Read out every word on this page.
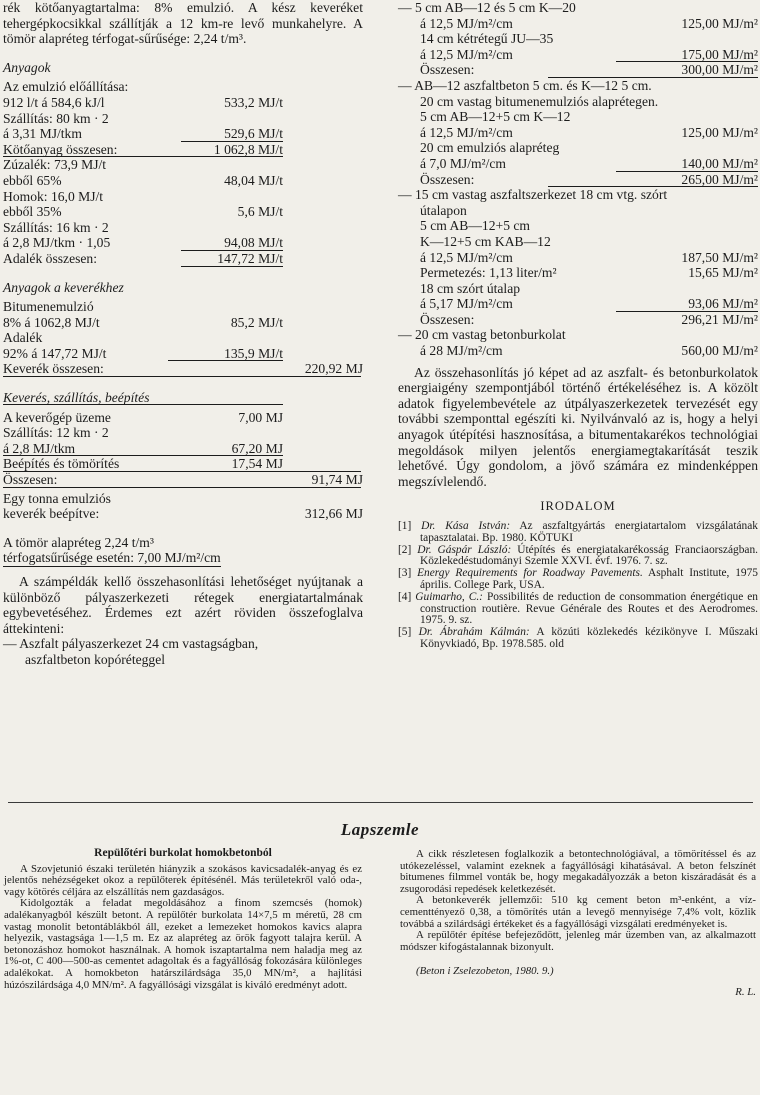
rék kötőanyagtartalma: 8% emulzió. A kész keveréket tehergépkocsikkal szállítják a 12 km-re levő munkahelyre. A tömör alapréteg térfogat-sűrűsége: 2,24 t/m³.

Anyagok

Az emulzió előállítása:
912 l/t á 584,6 kJ/l	533,2 MJ/t
Szállítás: 80 km · 2
á 3,31 MJ/tkm	529,6 MJ/t
Kötőanyag összesen:	1 062,8 MJ/t
Zúzalék: 73,9 MJ/t
ebből 65%	48,04 MJ/t
Homok: 16,0 MJ/t
ebből 35%	5,6 MJ/t
Szállítás: 16 km · 2
á 2,8 MJ/tkm · 1,05	94,08 MJ/t
Adalék összesen:	147,72 MJ/t

Anyagok a keverékhez

Bitumenemulzió
8% á 1062,8 MJ/t	85,2 MJ/t
Adalék
92% á 147,72 MJ/t	135,9 MJ/t
Keverék összesen:	220,92 MJ

Keverés, szállítás, beépítés

A keverőgép üzeme	7,00 MJ
Szállítás: 12 km · 2
á 2,8 MJ/tkm	67,20 MJ
Beépítés és tömörítés	17,54 MJ
Összesen:	91,74 MJ
Egy tonna emulziós
keverék beépítve:	312,66 MJ
A tömör alapréteg 2,24 t/m³
térfogatsűrűsége esetén: 7,00 MJ/m²/cm

A számpéldák kellő összehasonlítási lehetőséget nyújtanak a különböző pályaszerkezeti rétegek energiatartalmának egybevetéséhez. Érdemes ezt azért röviden összefoglalva áttekinteni:

— Aszfalt pályaszerkezet 24 cm vastagságban,

aszfaltbeton kopóréteggel

— 5 cm AB—12 és 5 cm K—20
á 12,5 MJ/m²/cm	125,00 MJ/m²
14 cm kétrétegű JU—35
á 12,5 MJ/m²/cm	175,00 MJ/m²
Összesen:	300,00 MJ/m²
— AB—12 aszfaltbeton 5 cm. és K—12 5 cm.
20 cm vastag bitumenemulziós alaprétegen.
5 cm AB—12+5 cm K—12
á 12,5 MJ/m²/cm	125,00 MJ/m²
20 cm emulziós alapréteg
á 7,0 MJ/m²/cm	140,00 MJ/m²
Összesen:	265,00 MJ/m²
— 15 cm vastag aszfaltszerkezet 18 cm vtg. szórt
útalapon
5 cm AB—12+5 cm
K—12+5 cm KAB—12
á 12,5 MJ/m²/cm	187,50 MJ/m²
Permetezés: 1,13 liter/m²	15,65 MJ/m²
18 cm szórt útalap
á 5,17 MJ/m²/cm	93,06 MJ/m²
Összesen:	296,21 MJ/m²
— 20 cm vastag betonburkolat
á 28 MJ/m²/cm	560,00 MJ/m²

Az összehasonlítás jó képet ad az aszfalt- és betonburkolatok energiaigény szempontjából történő értékeléséhez is. A közölt adatok figyelembevétele az útpályaszerkezetek tervezését egy további szemponttal egészíti ki. Nyilvánvaló az is, hogy a helyi anyagok útépítési hasznosítása, a bitumentakarékos technológiai megoldások milyen jelentős energiamegtakarítását teszik lehetővé. Úgy gondolom, a jövő számára ez mindenképpen megszívlelendő.

IRODALOM

[1] Dr. Kása István: Az aszfaltgyártás energiatartalom vizsgálatának tapasztalatai. Bp. 1980. KÖTUKI

[2] Dr. Gáspár László: Útépítés és energiatakarékosság Franciaországban. Közlekedéstudományi Szemle XXVI. évf. 1976. 7. sz.

[3] Energy Requirements for Roadway Pavements. Asphalt Institute, 1975 április. College Park, USA.

[4] Guimarho, C.: Possibilités de reduction de consommation énergétique en construction routière. Revue Générale des Routes et des Aerodromes. 1975. 9. sz.

[5] Dr. Ábrahám Kálmán: A közúti közlekedés kézikönyve I. Műszaki Könyvkiadó, Bp. 1978.585. old

Lapszemle

Repülőtéri burkolat homokbetonból

A Szovjetunió északi területén hiányzik a szokásos kavicsadalék-anyag és ez jelentős nehézségeket okoz a repülőterek építésénél. Más területekről való oda-, vagy kötörés céljára az elszállítás nem gazdaságos.

Kidolgozták a feladat megoldásához a finom szemcsés (homok) adalékanyagból készült betont. A repülőtér burkolata 14×7,5 m méretű, 28 cm vastag monolit betontáblákból áll, ezeket a lemezeket homokos kavics alapra helyezik, vastagsága 1—1,5 m. Ez az alapréteg az örök fagyott talajra kerül. A betonozáshoz homokot használnak. A homok iszaptartalma nem haladja meg az 1%-ot, C 400—500-as cementet adagoltak és a fagyállóság fokozására különleges adalékokat. A homokbeton határszilárdsága 35,0 MN/m², a hajlítási húzószilárdsága 4,0 MN/m². A fagyállósági vizsgálat is kiváló eredményt adott.

A cikk részletesen foglalkozik a betontechnológiával, a tömörítéssel és az utókezeléssel, valamint ezeknek a fagyállósági kihatásával. A beton felszínét bitumenes filmmel vonták be, hogy megakadályozzák a beton kiszáradását és a zsugorodási repedések keletkezését.

A betonkeverék jellemzői: 510 kg cement beton m³-enként, a víz-cementtényező 0,38, a tömörítés után a levegő mennyisége 7,4% volt, közlik továbbá a szilárdsági értékeket és a fagyállósági vizsgálati eredményeket is.

A repülőtér építése befejeződött, jelenleg már üzemben van, az alkalmazott módszer kifogástalannak bizonyult.

(Beton i Zselezobeton, 1980. 9.)

R. L.
